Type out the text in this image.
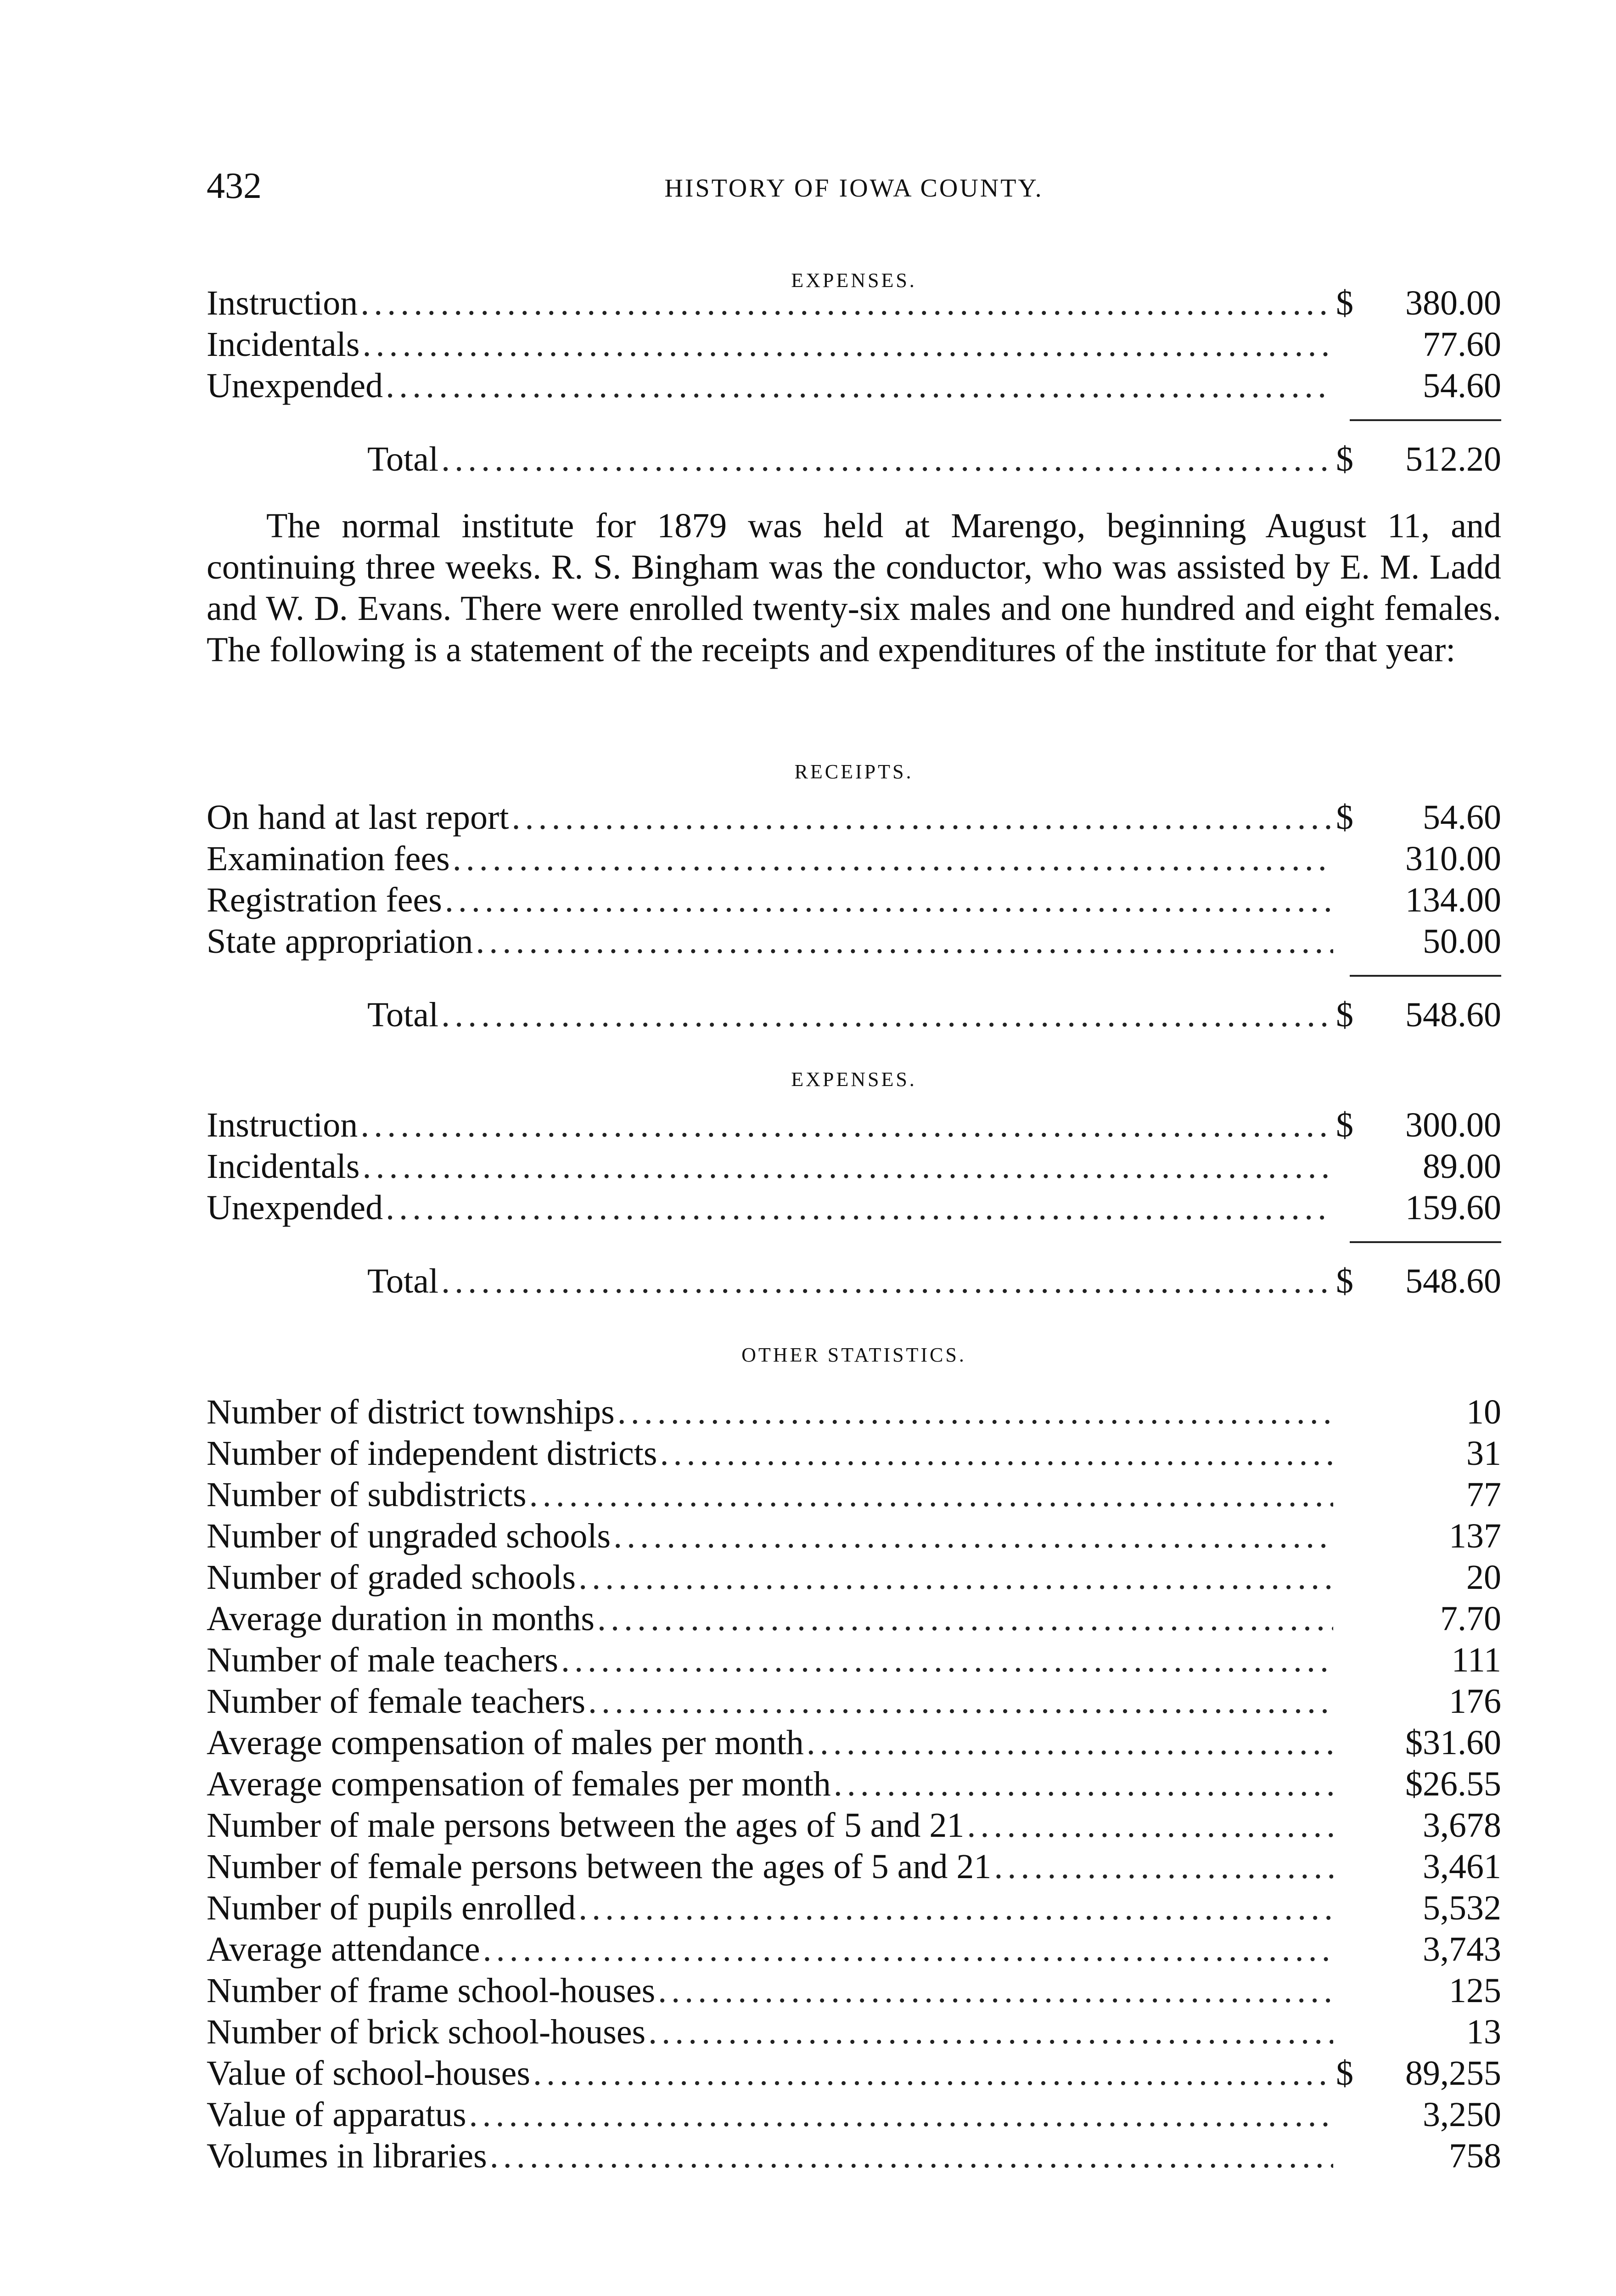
432	HISTORY OF IOWA COUNTY.
EXPENSES.
Instruction .....	$	380.00
Incidentals .....	77.60
Unexpended .....	54.60
Total .....	$	512.20

The normal institute for 1879 was held at Marengo, beginning August 11, and continuing three weeks. R. S. Bingham was the conductor, who was assisted by E. M. Ladd and W. D. Evans. There were enrolled twenty-six males and one hundred and eight females. The following is a statement of the receipts and expenditures of the institute for that year:

RECEIPTS.
On hand at last report .....	$	54.60
Examination fees .....	310.00
Registration fees .....	134.00
State appropriation .....	50.00
Total .....	$	548.60
EXPENSES.
Instruction .....	$	300.00
Incidentals .....	89.00
Unexpended .....	159.60
Total .....	$	548.60
OTHER STATISTICS.
Number of district townships .....	10
Number of independent districts .....	31
Number of subdistricts .....	77
Number of ungraded schools .....	137
Number of graded schools .....	20
Average duration in months .....	7.70
Number of male teachers .....	111
Number of female teachers .....	176
Average compensation of males per month .....	$31.60
Average compensation of females per month .....	$26.55
Number of male persons between the ages of 5 and 21 .....	3,678
Number of female persons between the ages of 5 and 21 .....	3,461
Number of pupils enrolled .....	5,532
Average attendance .....	3,743
Number of frame school-houses .....	125
Number of brick school-houses .....	13
Value of school-houses .....	$	89,255
Value of apparatus .....	3,250
Volumes in libraries .....	758
